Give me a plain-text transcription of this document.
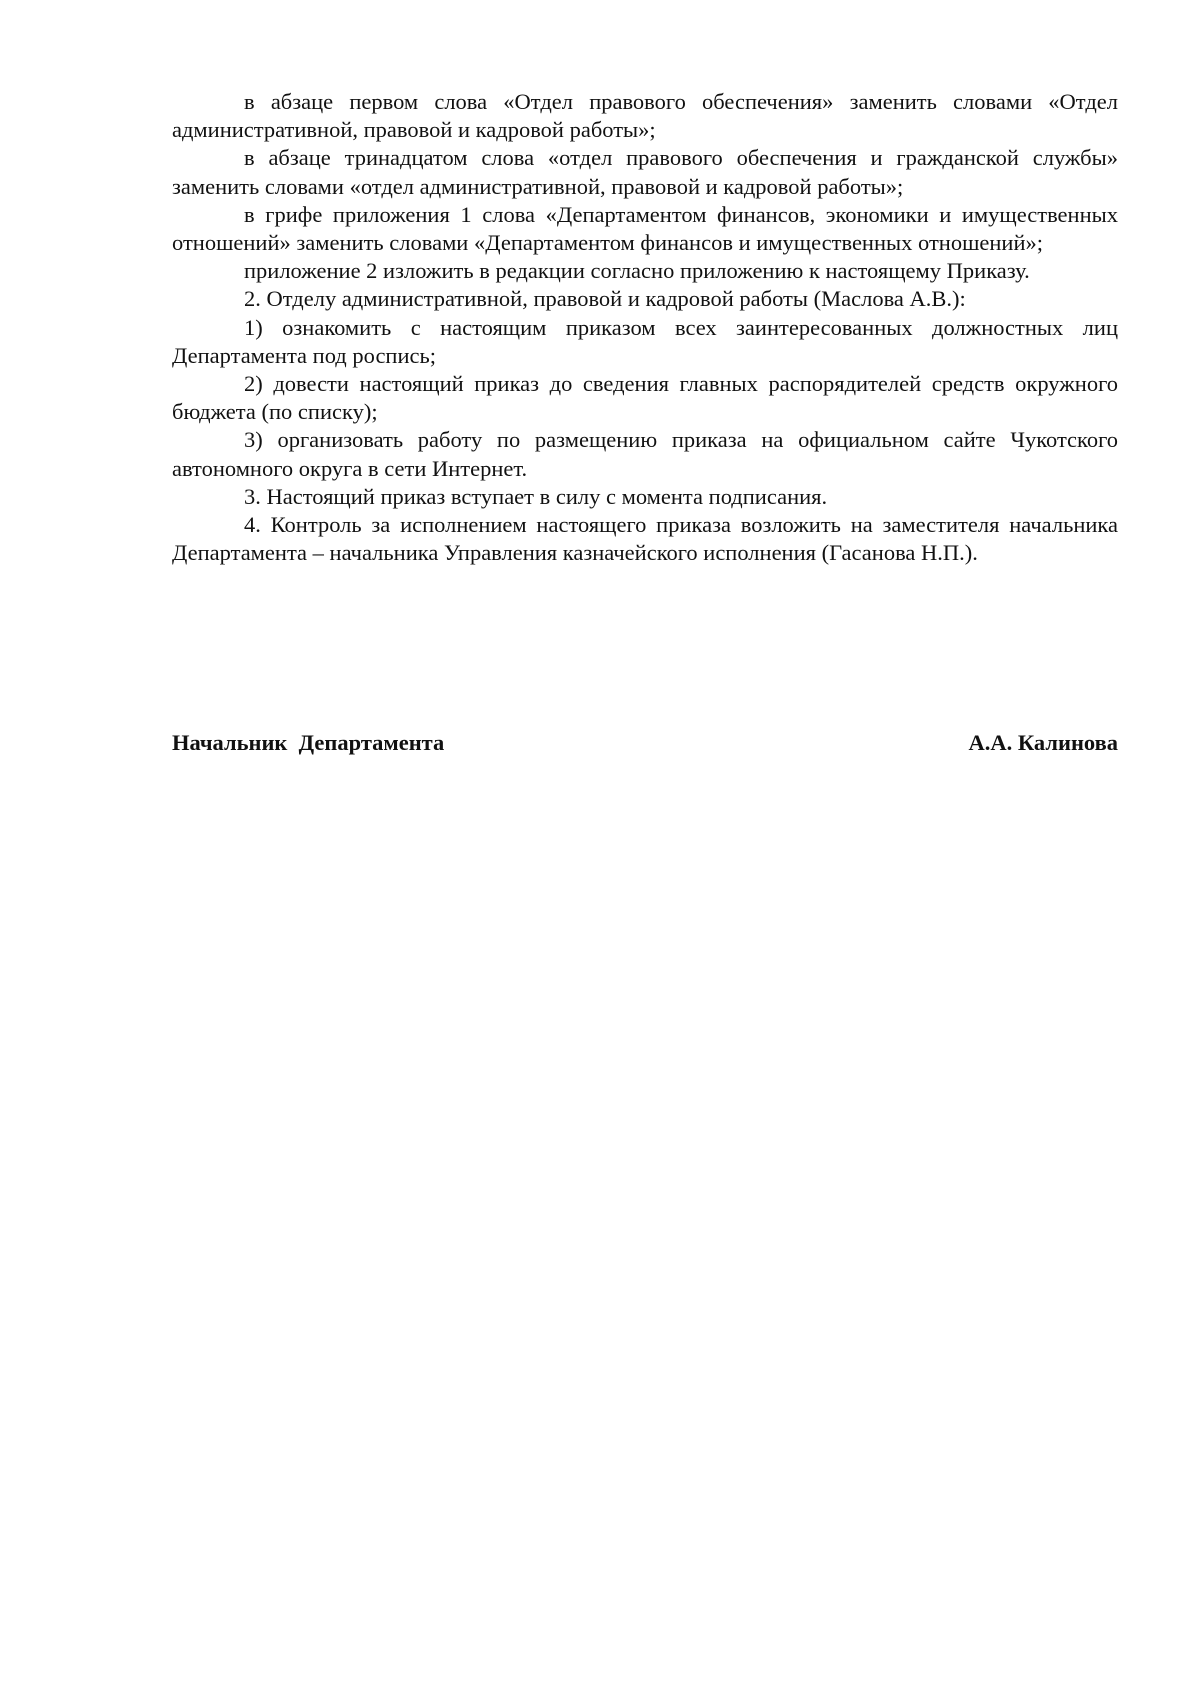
в абзаце первом слова «Отдел правового обеспечения» заменить словами «Отдел административной, правовой и кадровой работы»;

в абзаце тринадцатом слова «отдел правового обеспечения и гражданской службы» заменить словами «отдел административной, правовой и кадровой работы»;

в грифе приложения 1 слова «Департаментом финансов, экономики и имущественных отношений» заменить словами «Департаментом финансов и имущественных отношений»;

приложение 2 изложить в редакции согласно приложению к настоящему Приказу.

2. Отделу административной, правовой и кадровой работы (Маслова А.В.):

1) ознакомить с настоящим приказом всех заинтересованных должностных лиц Департамента под роспись;

2) довести настоящий приказ до сведения главных распорядителей средств окружного бюджета (по списку);

3) организовать работу по размещению приказа на официальном сайте Чукотского автономного округа в сети Интернет.

3. Настоящий приказ вступает в силу с момента подписания.

4. Контроль за исполнением настоящего приказа возложить на заместителя начальника Департамента – начальника Управления казначейского исполнения (Гасанова Н.П.).

Начальник  Департамента	А.А. Калинова
